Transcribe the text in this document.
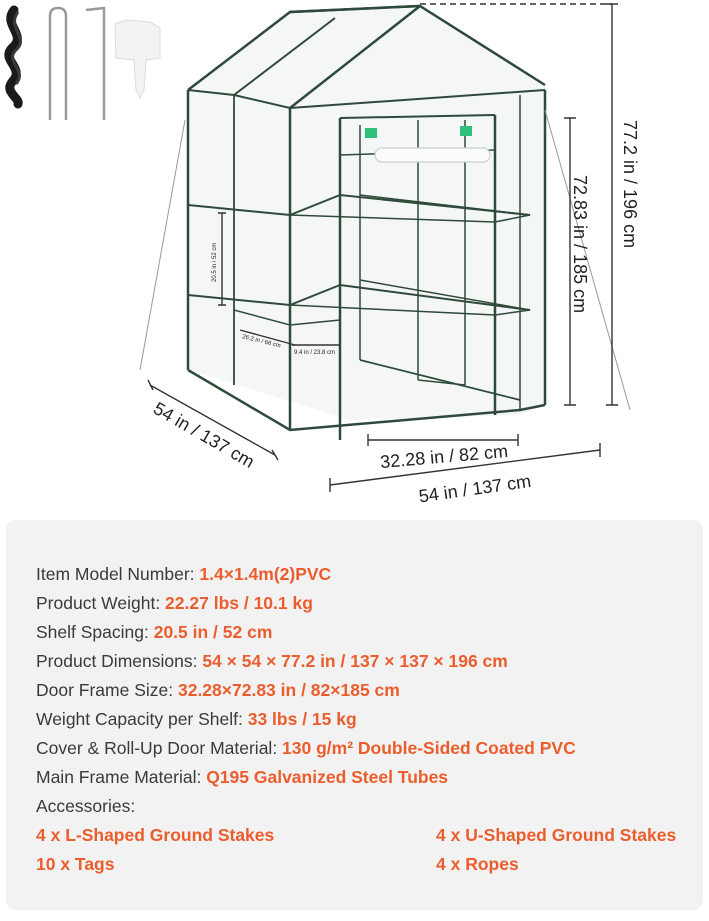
77.2 in / 196 cm
72.83 in / 185 cm
32.28 in / 82 cm
54 in / 137 cm
54 in / 137 cm
20.5 in / 52 cm
26.2 in / 66 cm
9.4 in / 23.8 cm
Item Model Number: 1.4×1.4m(2)PVC
Product Weight: 22.27 lbs / 10.1 kg
Shelf Spacing: 20.5 in / 52 cm
Product Dimensions: 54 × 54 × 77.2 in / 137 × 137 × 196 cm
Door Frame Size: 32.28×72.83 in / 82×185 cm
Weight Capacity per Shelf: 33 lbs / 15 kg
Cover & Roll-Up Door Material: 130 g/m² Double-Sided Coated PVC
Main Frame Material: Q195 Galvanized Steel Tubes
Accessories:
4 x L-Shaped Ground Stakes	4 x U-Shaped Ground Stakes
10 x Tags	4 x Ropes
